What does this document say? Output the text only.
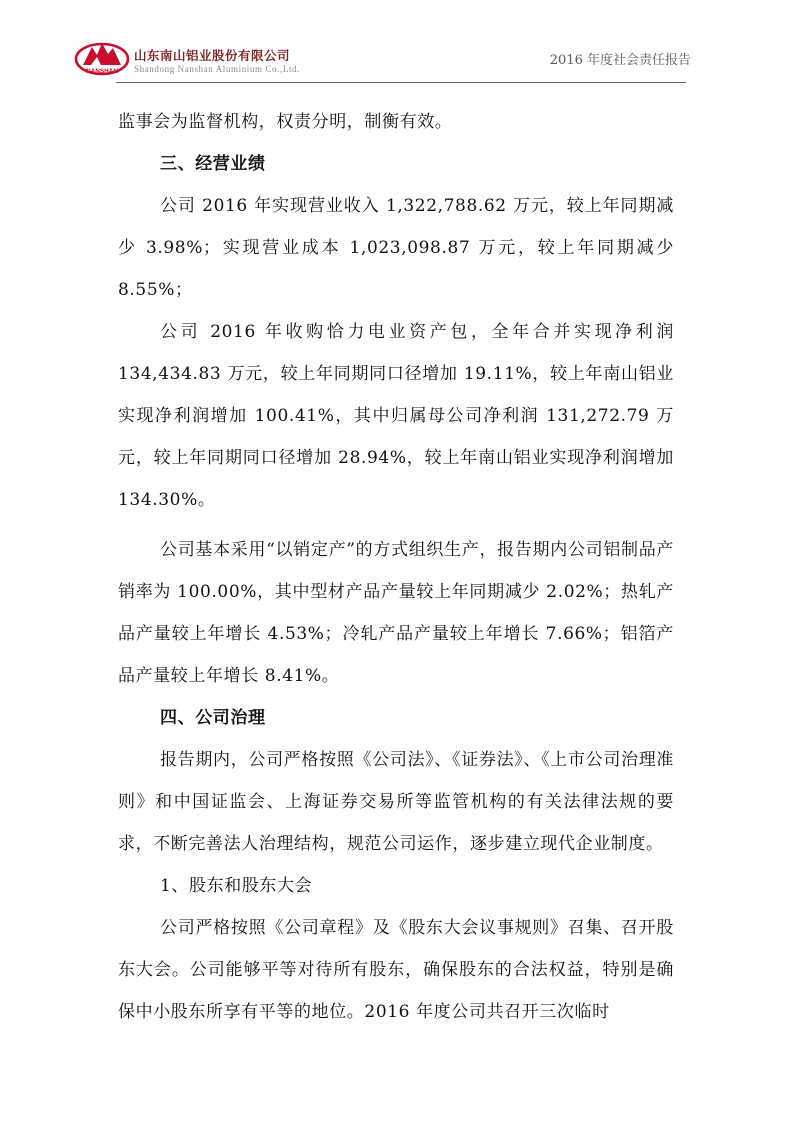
NANSHAN
山东南山铝业股份有限公司
Shandong Nanshan Aluminium Co.,Ltd.
2016 年度社会责任报告

监事会为监督机构，权责分明，制衡有效。

三、经营业绩

公司 2016 年实现营业收入 1,322,788.62 万元，较上年同期减少 3.98%；实现营业成本 1,023,098.87 万元，较上年同期减少 8.55%；

公司 2016 年收购恰力电业资产包，全年合并实现净利润 134,434.83 万元，较上年同期同口径增加 19.11%，较上年南山铝业实现净利润增加 100.41%，其中归属母公司净利润 131,272.79 万元，较上年同期同口径增加 28.94%，较上年南山铝业实现净利润增加 134.30%。

公司基本采用“以销定产”的方式组织生产，报告期内公司铝制品产销率为 100.00%，其中型材产品产量较上年同期减少 2.02%；热轧产品产量较上年增长 4.53%；冷轧产品产量较上年增长 7.66%；铝箔产品产量较上年增长 8.41%。

四、公司治理

报告期内，公司严格按照《公司法》、《证券法》、《上市公司治理准则》和中国证监会、上海证券交易所等监管机构的有关法律法规的要求，不断完善法人治理结构，规范公司运作，逐步建立现代企业制度。

1、股东和股东大会

公司严格按照《公司章程》及《股东大会议事规则》召集、召开股东大会。公司能够平等对待所有股东，确保股东的合法权益，特别是确保中小股东所享有平等的地位。2016 年度公司共召开三次临时
